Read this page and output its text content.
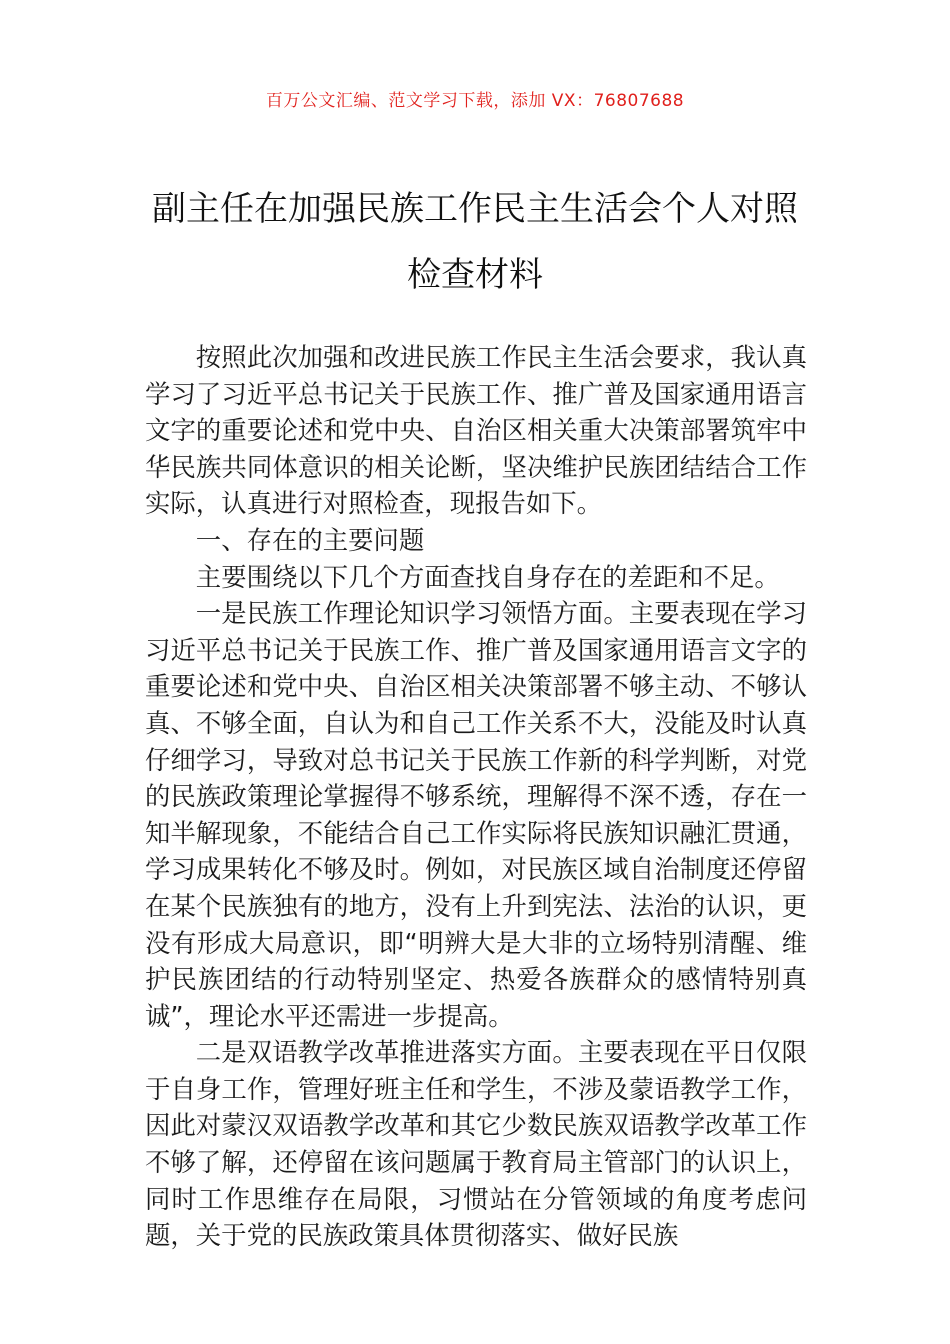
百万公文汇编、范文学习下载，添加 VX：76807688
副主任在加强民族工作民主生活会个人对照检查材料

按照此次加强和改进民族工作民主生活会要求，我认真学习了习近平总书记关于民族工作、推广普及国家通用语言文字的重要论述和党中央、自治区相关重大决策部署筑牢中华民族共同体意识的相关论断，坚决维护民族团结结合工作实际，认真进行对照检查，现报告如下。

一、存在的主要问题

主要围绕以下几个方面查找自身存在的差距和不足。

一是民族工作理论知识学习领悟方面。主要表现在学习习近平总书记关于民族工作、推广普及国家通用语言文字的重要论述和党中央、自治区相关决策部署不够主动、不够认真、不够全面，自认为和自己工作关系不大，没能及时认真仔细学习，导致对总书记关于民族工作新的科学判断，对党的民族政策理论掌握得不够系统，理解得不深不透，存在一知半解现象，不能结合自己工作实际将民族知识融汇贯通，学习成果转化不够及时。例如，对民族区域自治制度还停留在某个民族独有的地方，没有上升到宪法、法治的认识，更没有形成大局意识，即“明辨大是大非的立场特别清醒、维护民族团结的行动特别坚定、热爱各族群众的感情特别真诚”，理论水平还需进一步提高。

二是双语教学改革推进落实方面。主要表现在平日仅限于自身工作，管理好班主任和学生，不涉及蒙语教学工作，因此对蒙汉双语教学改革和其它少数民族双语教学改革工作不够了解，还停留在该问题属于教育局主管部门的认识上，同时工作思维存在局限，习惯站在分管领域的角度考虑问题，关于党的民族政策具体贯彻落实、做好民族
